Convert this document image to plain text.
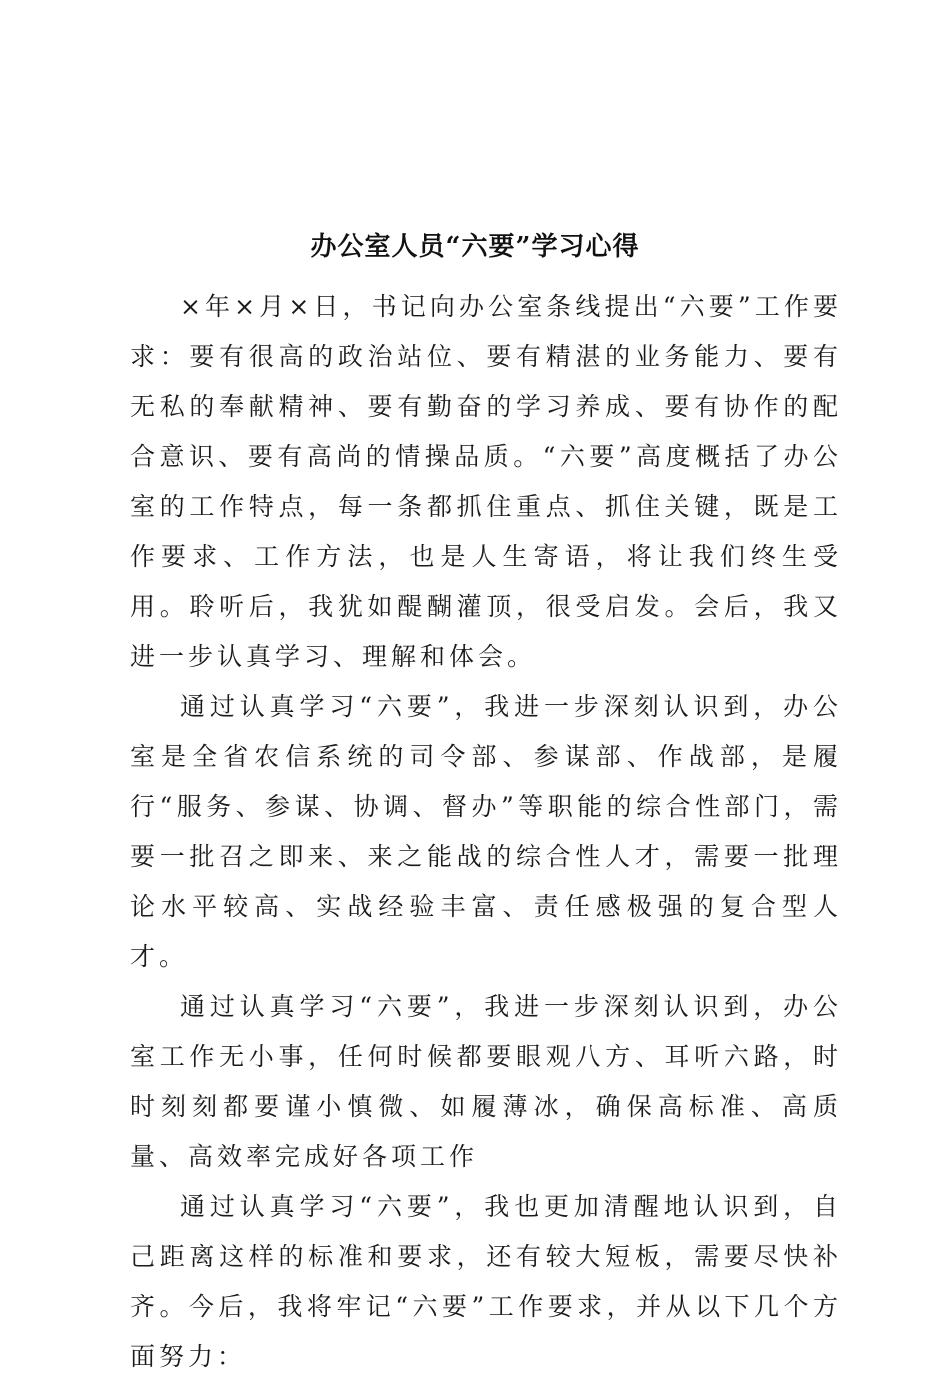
办公室人员“六要”学习心得

×年×月×日，书记向办公室条线提出“六要”工作要求：要有很高的政治站位、要有精湛的业务能力、要有无私的奉献精神、要有勤奋的学习养成、要有协作的配合意识、要有高尚的情操品质。“六要”高度概括了办公室的工作特点，每一条都抓住重点、抓住关键，既是工作要求、工作方法，也是人生寄语，将让我们终生受用。聆听后，我犹如醍醐灌顶，很受启发。会后，我又进一步认真学习、理解和体会。

通过认真学习“六要”，我进一步深刻认识到，办公室是全省农信系统的司令部、参谋部、作战部，是履行“服务、参谋、协调、督办”等职能的综合性部门，需要一批召之即来、来之能战的综合性人才，需要一批理论水平较高、实战经验丰富、责任感极强的复合型人才。

通过认真学习“六要”，我进一步深刻认识到，办公室工作无小事，任何时候都要眼观八方、耳听六路，时时刻刻都要谨小慎微、如履薄冰，确保高标准、高质量、高效率完成好各项工作

通过认真学习“六要”，我也更加清醒地认识到，自己距离这样的标准和要求，还有较大短板，需要尽快补齐。今后，我将牢记“六要”工作要求，并从以下几个方面努力：
